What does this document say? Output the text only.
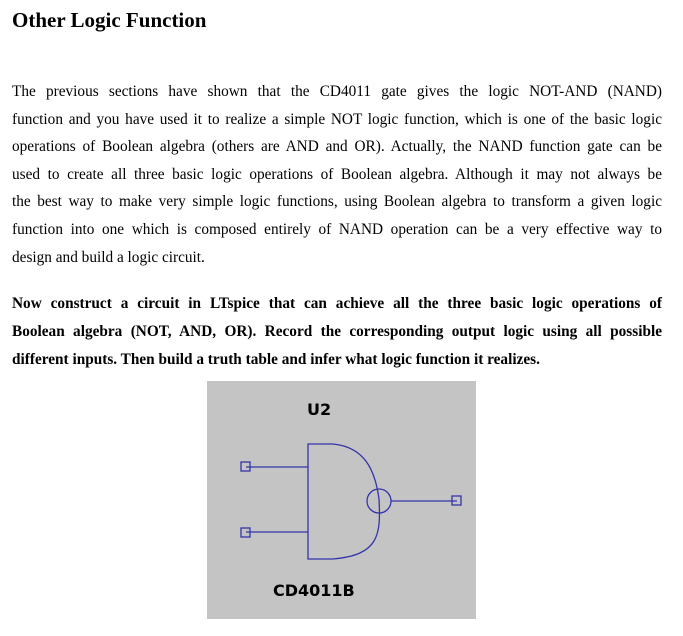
Other Logic Function

The previous sections have shown that the CD4011 gate gives the logic NOT-AND (NAND)
function and you have used it to realize a simple NOT logic function, which is one of the basic logic
operations of Boolean algebra (others are AND and OR). Actually, the NAND function gate can be
used to create all three basic logic operations of Boolean algebra. Although it may not always be
the best way to make very simple logic functions, using Boolean algebra to transform a given logic
function into one which is composed entirely of NAND operation can be a very effective way to
design and build a logic circuit.

Now construct a circuit in LTspice that can achieve all the three basic logic operations of
Boolean algebra (NOT, AND, OR). Record the corresponding output logic using all possible
different inputs. Then build a truth table and infer what logic function it realizes.

U2
CD4011B
